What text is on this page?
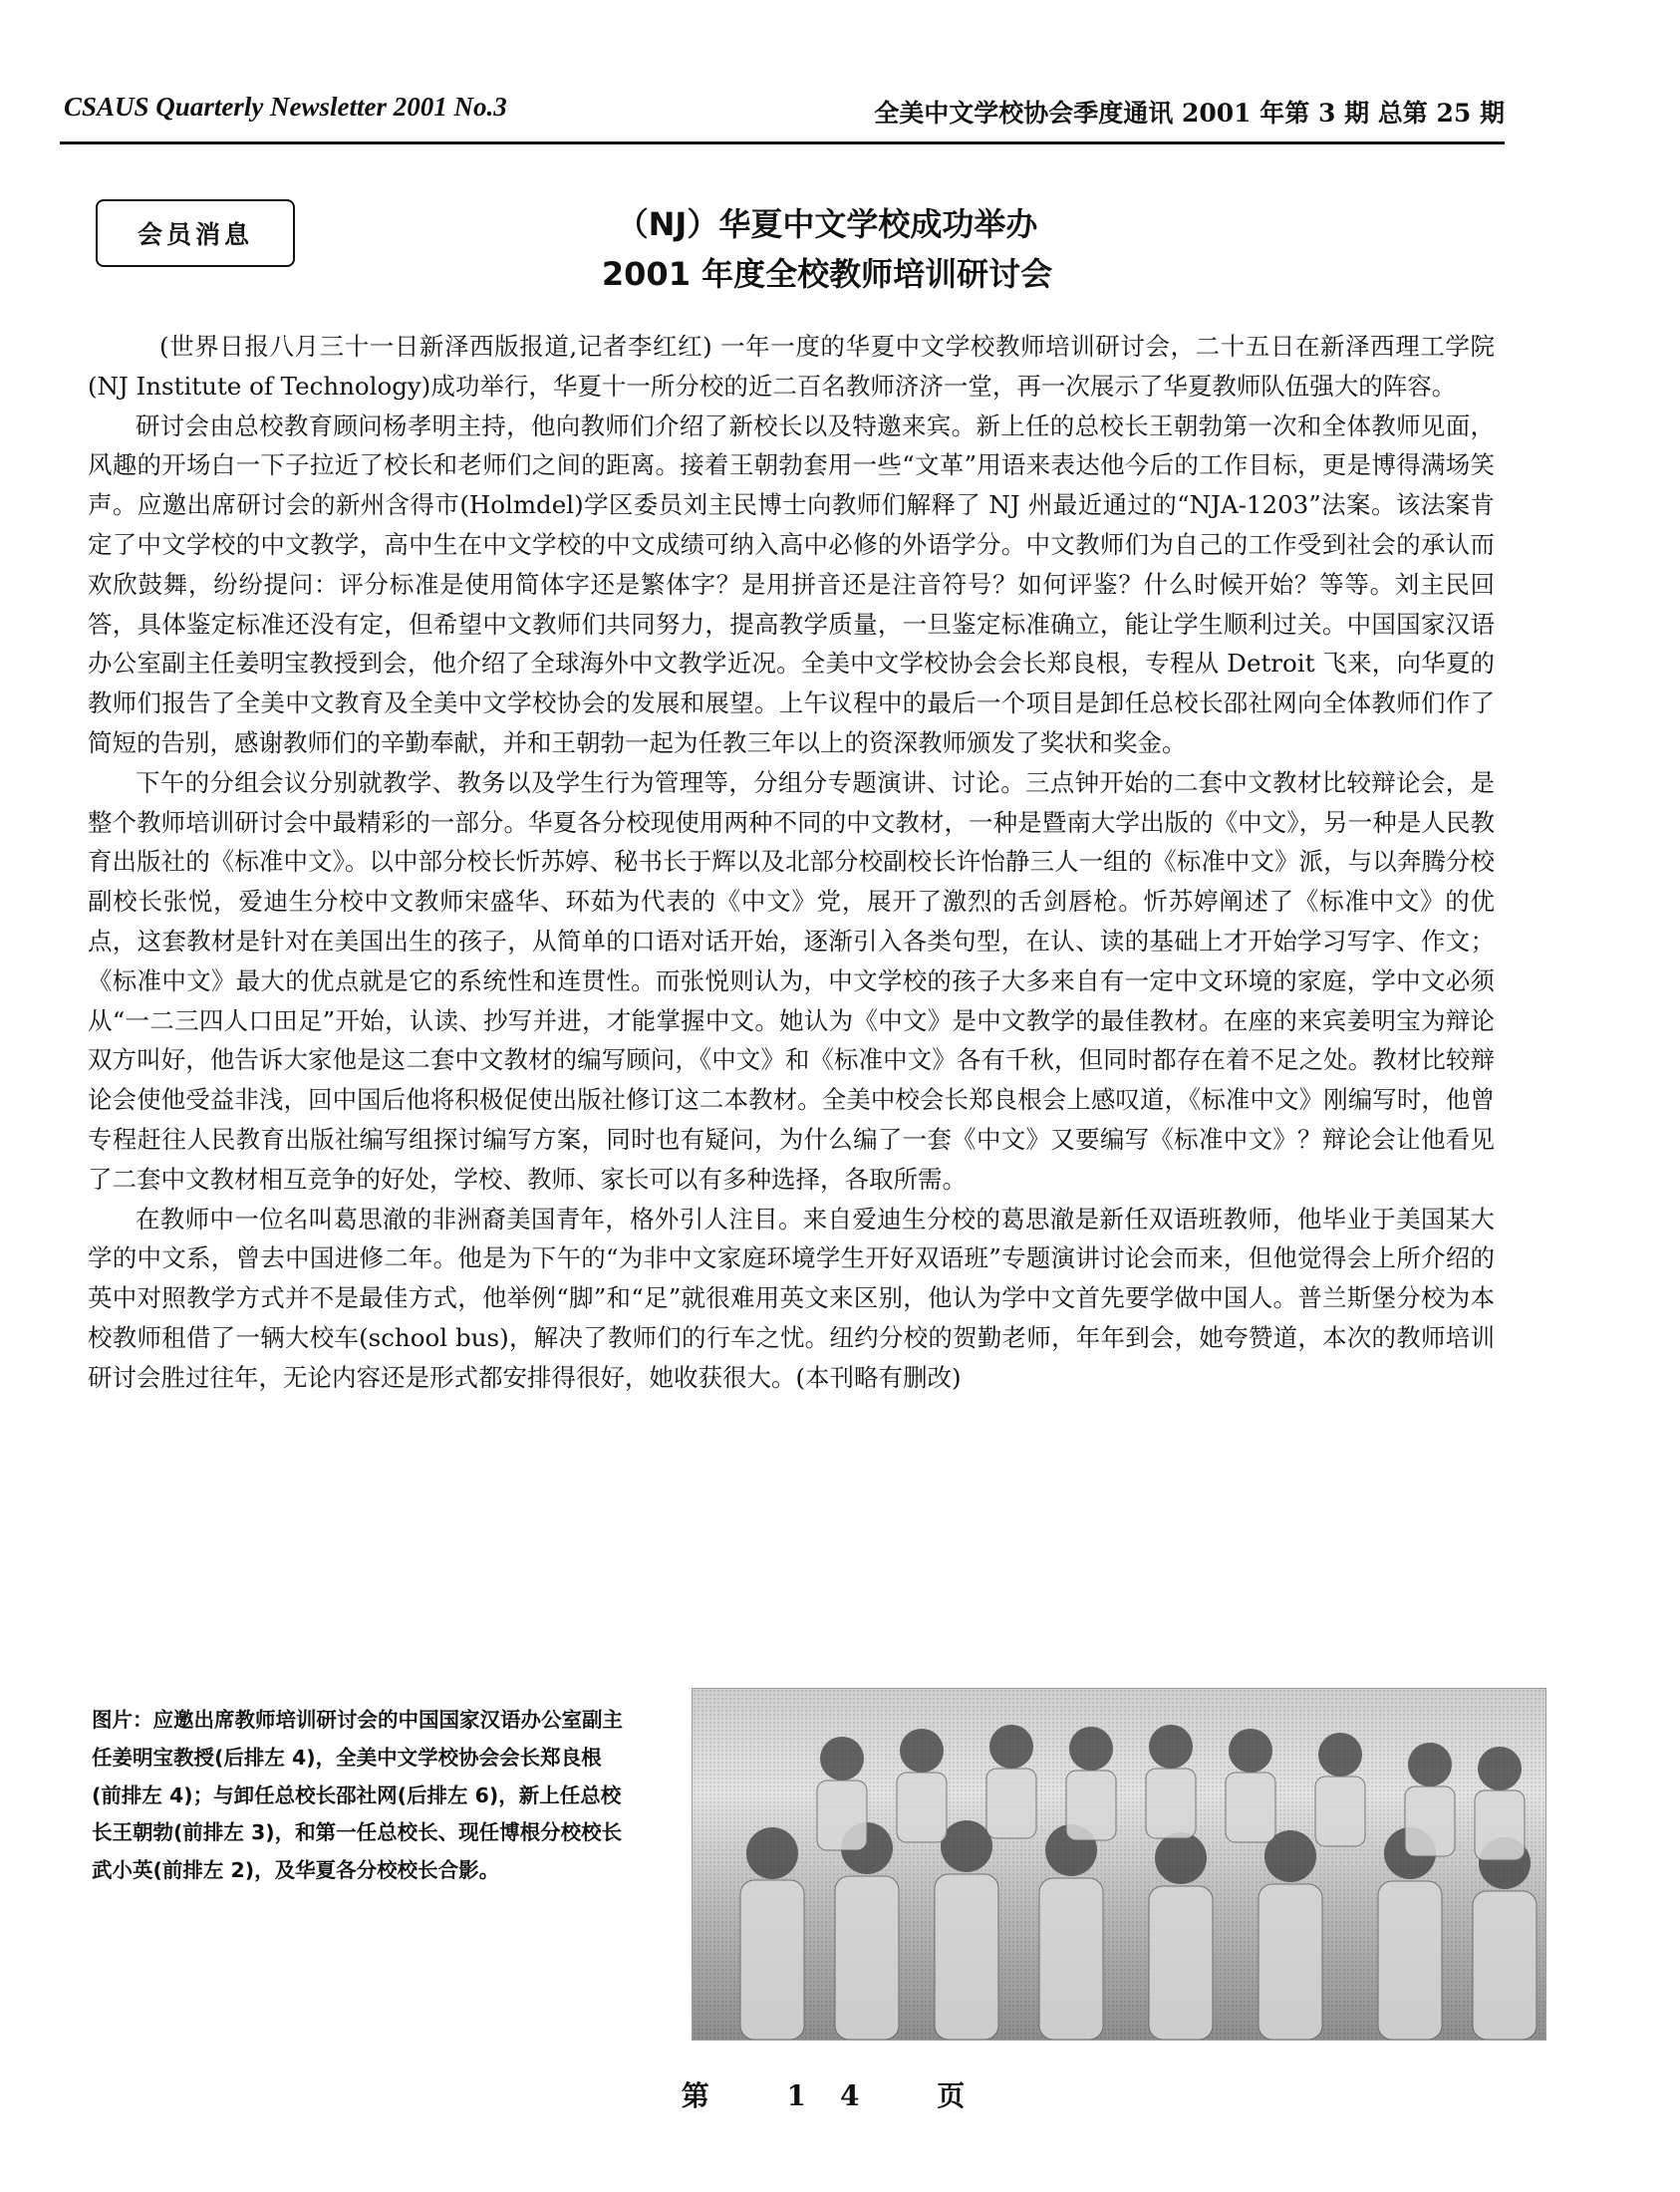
CSAUS Quarterly Newsletter 2001 No.3	全美中文学校协会季度通讯 2001 年第 3 期 总第 25 期
会员消息	（NJ）华夏中文学校成功举办
2001 年度全校教师培训研讨会

(世界日报八月三十一日新泽西版报道,记者李红红) 一年一度的华夏中文学校教师培训研讨会，二十五日在新泽西理工学院(NJ Institute of Technology)成功举行，华夏十一所分校的近二百名教师济济一堂，再一次展示了华夏教师队伍强大的阵容。

研讨会由总校教育顾问杨孝明主持，他向教师们介绍了新校长以及特邀来宾。新上任的总校长王朝勃第一次和全体教师见面，风趣的开场白一下子拉近了校长和老师们之间的距离。接着王朝勃套用一些“文革”用语来表达他今后的工作目标，更是博得满场笑声。应邀出席研讨会的新州含得市(Holmdel)学区委员刘主民博士向教师们解释了 NJ 州最近通过的“NJA-1203”法案。该法案肯定了中文学校的中文教学，高中生在中文学校的中文成绩可纳入高中必修的外语学分。中文教师们为自己的工作受到社会的承认而欢欣鼓舞，纷纷提问：评分标准是使用简体字还是繁体字？是用拼音还是注音符号？如何评鉴？什么时候开始？等等。刘主民回答，具体鉴定标准还没有定，但希望中文教师们共同努力，提高教学质量，一旦鉴定标准确立，能让学生顺利过关。中国国家汉语办公室副主任姜明宝教授到会，他介绍了全球海外中文教学近况。全美中文学校协会会长郑良根，专程从 Detroit 飞来，向华夏的教师们报告了全美中文教育及全美中文学校协会的发展和展望。上午议程中的最后一个项目是卸任总校长邵社网向全体教师们作了简短的告别，感谢教师们的辛勤奉献，并和王朝勃一起为任教三年以上的资深教师颁发了奖状和奖金。

下午的分组会议分别就教学、教务以及学生行为管理等，分组分专题演讲、讨论。三点钟开始的二套中文教材比较辩论会，是整个教师培训研讨会中最精彩的一部分。华夏各分校现使用两种不同的中文教材，一种是暨南大学出版的《中文》，另一种是人民教育出版社的《标准中文》。以中部分校长忻苏婷、秘书长于辉以及北部分校副校长许怡静三人一组的《标准中文》派，与以奔腾分校副校长张悦，爱迪生分校中文教师宋盛华、环茹为代表的《中文》党，展开了激烈的舌剑唇枪。忻苏婷阐述了《标准中文》的优点，这套教材是针对在美国出生的孩子，从简单的口语对话开始，逐渐引入各类句型，在认、读的基础上才开始学习写字、作文；《标准中文》最大的优点就是它的系统性和连贯性。而张悦则认为，中文学校的孩子大多来自有一定中文环境的家庭，学中文必须从“一二三四人口田足”开始，认读、抄写并进，才能掌握中文。她认为《中文》是中文教学的最佳教材。在座的来宾姜明宝为辩论双方叫好，他告诉大家他是这二套中文教材的编写顾问，《中文》和《标准中文》各有千秋，但同时都存在着不足之处。教材比较辩论会使他受益非浅，回中国后他将积极促使出版社修订这二本教材。全美中校会长郑良根会上感叹道，《标准中文》刚编写时，他曾专程赶往人民教育出版社编写组探讨编写方案，同时也有疑问，为什么编了一套《中文》又要编写《标准中文》？辩论会让他看见了二套中文教材相互竞争的好处，学校、教师、家长可以有多种选择，各取所需。

在教师中一位名叫葛思澈的非洲裔美国青年，格外引人注目。来自爱迪生分校的葛思澈是新任双语班教师，他毕业于美国某大学的中文系，曾去中国进修二年。他是为下午的“为非中文家庭环境学生开好双语班”专题演讲讨论会而来，但他觉得会上所介绍的英中对照教学方式并不是最佳方式，他举例“脚”和“足”就很难用英文来区别，他认为学中文首先要学做中国人。普兰斯堡分校为本校教师租借了一辆大校车(school bus)，解决了教师们的行车之忧。纽约分校的贺勤老师，年年到会，她夸赞道，本次的教师培训研讨会胜过往年，无论内容还是形式都安排得很好，她收获很大。(本刊略有删改)

图片：应邀出席教师培训研讨会的中国国家汉语办公室副主任姜明宝教授(后排左 4)，全美中文学校协会会长郑良根(前排左 4)；与卸任总校长邵社网(后排左 6)，新上任总校长王朝勃(前排左 3)，和第一任总校长、现任博根分校校长武小英(前排左 2)，及华夏各分校校长合影。
第 14 页
